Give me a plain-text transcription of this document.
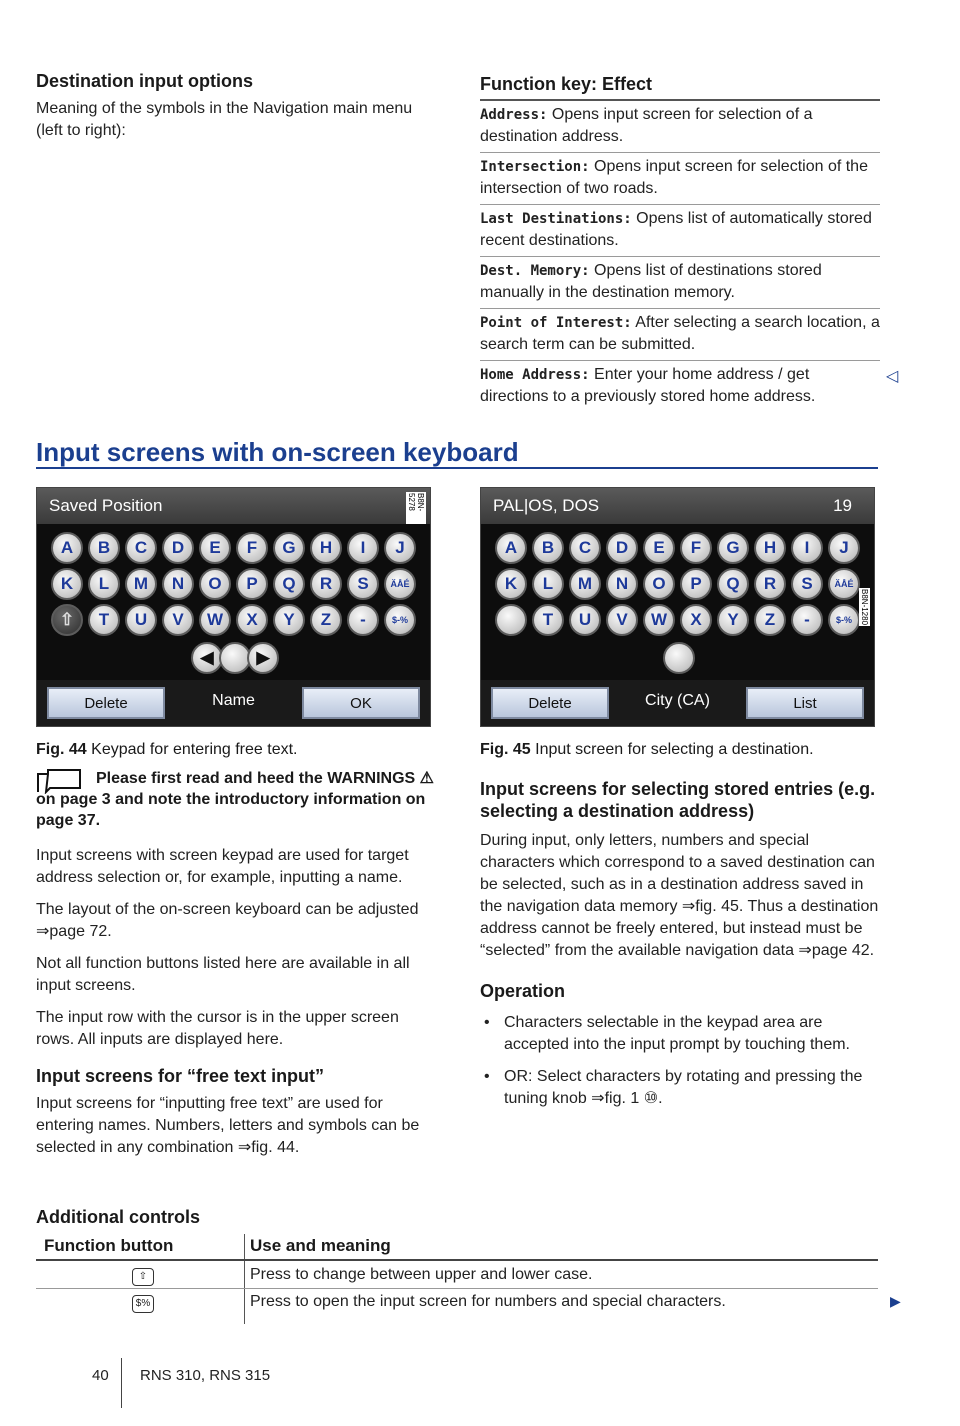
Destination input options
Meaning of the symbols in the Navigation main menu (left to right):
Function key: Effect
Address: Opens input screen for selection of a destination address.
Intersection: Opens input screen for selection of the intersection of two roads.
Last Destinations: Opens list of automatically stored recent destinations.
Dest. Memory: Opens list of destinations stored manually in the destination memory.
Point of Interest: After selecting a search location, a search term can be submitted.
Home Address: Enter your home address / get directions to a previously stored home address.
◁
Input screens with on-screen keyboard
Saved Position	B8N-5278
A	B	C	D	E	F	G	H	I	J
K	L	M	N	O	P	Q	R	S	ÄÅÉ
⇧	T	U	V	W	X	Y	Z	-	$-%
◀	▶
Delete	Name	OK
Fig. 44 Keypad for entering free text.
PAL|OS, DOS	19
B8N-1280
A	B	C	D	E	F	G	H	I	J
K	L	M	N	O	P	Q	R	S	ÄÅÉ
T	U	V	W	X	Y	Z	-	$-%
Delete	City (CA)	List
Fig. 45 Input screen for selecting a destination.
Please first read and heed the WARNINGS ⚠ on page 3 and note the introductory information on page 37.
Input screens with screen keypad are used for target address selection or, for example, inputting a name.
The layout of the on-screen keyboard can be adjusted ⇒page 72.
Not all function buttons listed here are available in all input screens.
The input row with the cursor is in the upper screen rows. All inputs are displayed here.
Input screens for “free text input”
Input screens for “inputting free text” are used for entering names. Numbers, letters and symbols can be selected in any combination ⇒fig. 44.
Input screens for selecting stored entries (e.g. selecting a destination address)
During input, only letters, numbers and special characters which correspond to a saved destination can be selected, such as in a destination address saved in the navigation data memory ⇒fig. 45. Thus a destination address cannot be freely entered, but instead must be “selected” from the available navigation data ⇒page 42.
Operation
• Characters selectable in the keypad area are accepted into the input prompt by touching them.
• OR: Select characters by rotating and pressing the tuning knob ⇒fig. 1 ⑩.
Additional controls
Function button	Use and meaning
⇧	Press to change between upper and lower case.
$%	Press to open the input screen for numbers and special characters.	▶
40 RNS 310, RNS 315
